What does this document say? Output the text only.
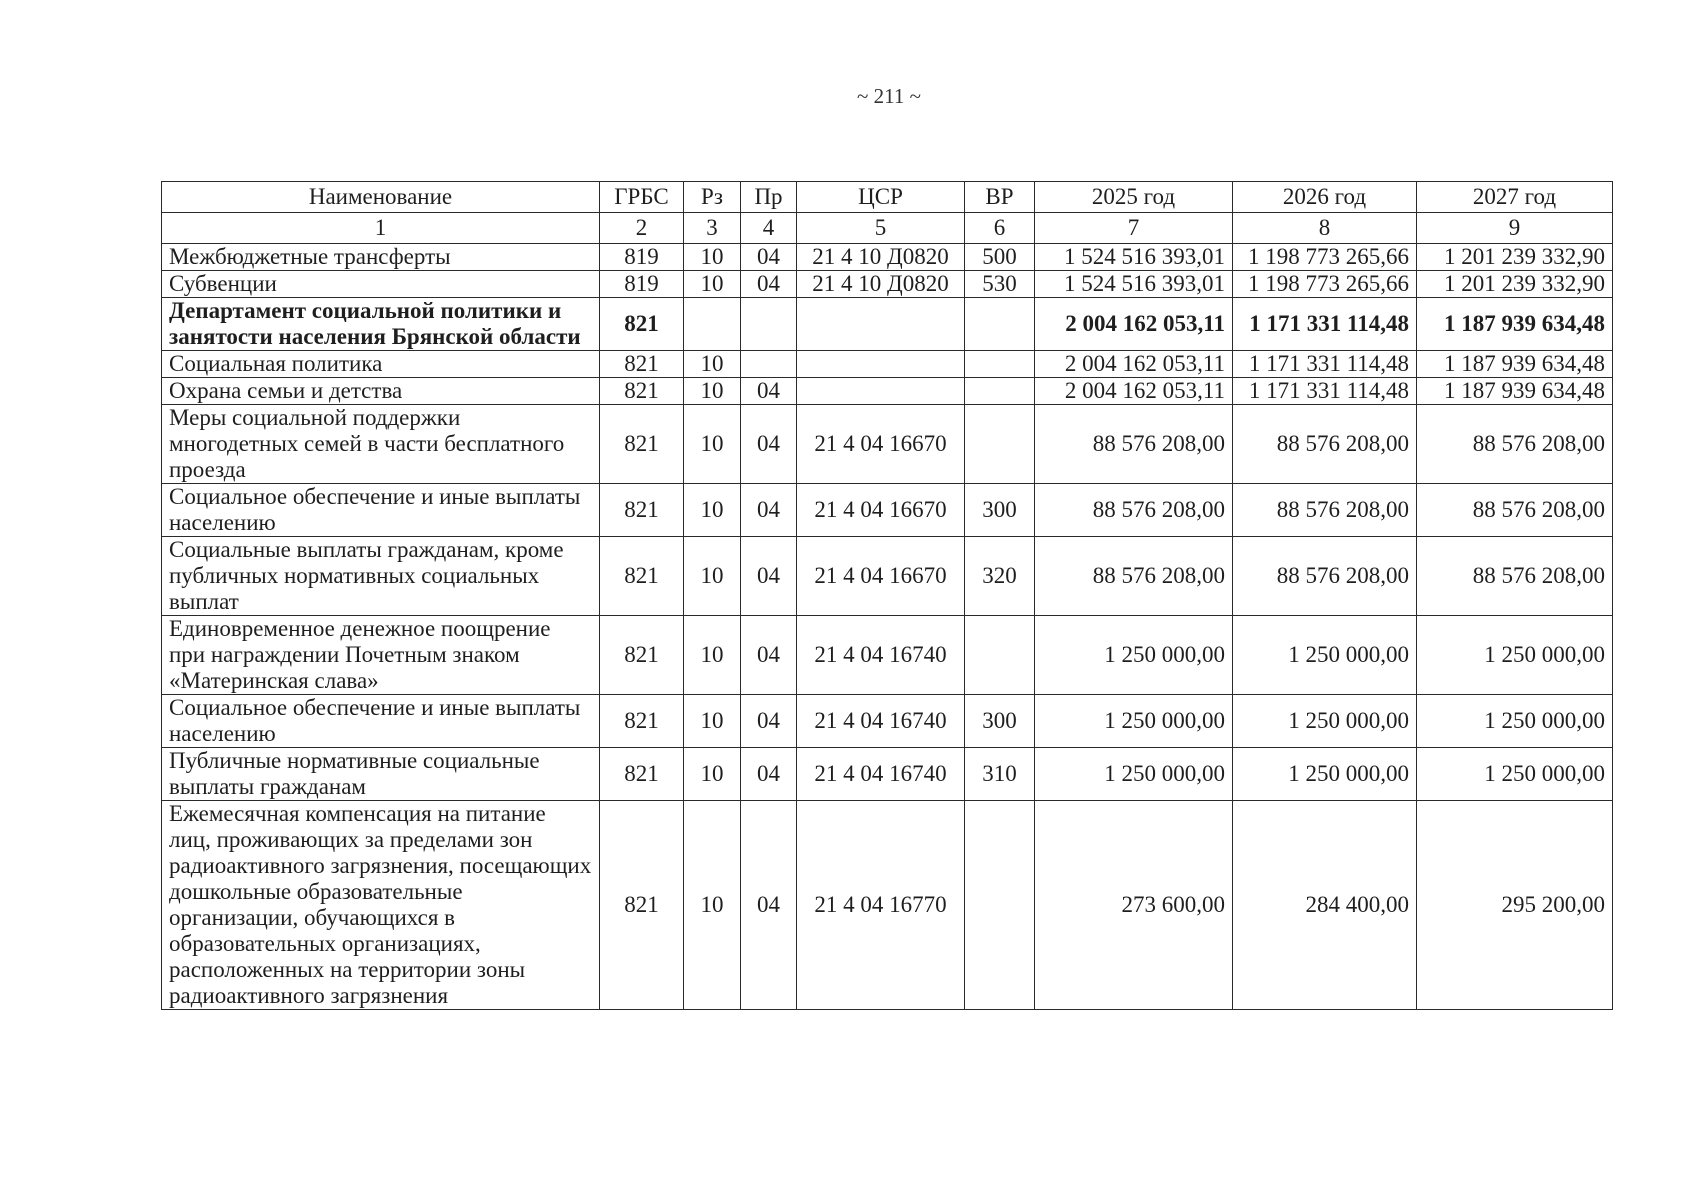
~ 211 ~
Наименование	ГРБС	Рз	Пр	ЦСР	ВР	2025 год	2026 год	2027 год
1	2	3	4	5	6	7	8	9
Межбюджетные трансферты	819	10	04	21 4 10 Д0820	500	1 524 516 393,01	1 198 773 265,66	1 201 239 332,90
Субвенции	819	10	04	21 4 10 Д0820	530	1 524 516 393,01	1 198 773 265,66	1 201 239 332,90
Департамент социальной политики и занятости населения Брянской области	821					2 004 162 053,11	1 171 331 114,48	1 187 939 634,48
Социальная политика	821	10				2 004 162 053,11	1 171 331 114,48	1 187 939 634,48
Охрана семьи и детства	821	10	04			2 004 162 053,11	1 171 331 114,48	1 187 939 634,48
Меры социальной поддержки многодетных семей в части бесплатного проезда	821	10	04	21 4 04 16670		88 576 208,00	88 576 208,00	88 576 208,00
Социальное обеспечение и иные выплаты населению	821	10	04	21 4 04 16670	300	88 576 208,00	88 576 208,00	88 576 208,00
Социальные выплаты гражданам, кроме публичных нормативных социальных выплат	821	10	04	21 4 04 16670	320	88 576 208,00	88 576 208,00	88 576 208,00
Единовременное денежное поощрение при награждении Почетным знаком «Материнская слава»	821	10	04	21 4 04 16740		1 250 000,00	1 250 000,00	1 250 000,00
Социальное обеспечение и иные выплаты населению	821	10	04	21 4 04 16740	300	1 250 000,00	1 250 000,00	1 250 000,00
Публичные нормативные социальные выплаты гражданам	821	10	04	21 4 04 16740	310	1 250 000,00	1 250 000,00	1 250 000,00
Ежемесячная компенсация на питание лиц, проживающих за пределами зон радиоактивного загрязнения, посещающих дошкольные образовательные организации, обучающихся в образовательных организациях, расположенных на территории зоны радиоактивного загрязнения	821	10	04	21 4 04 16770		273 600,00	284 400,00	295 200,00
